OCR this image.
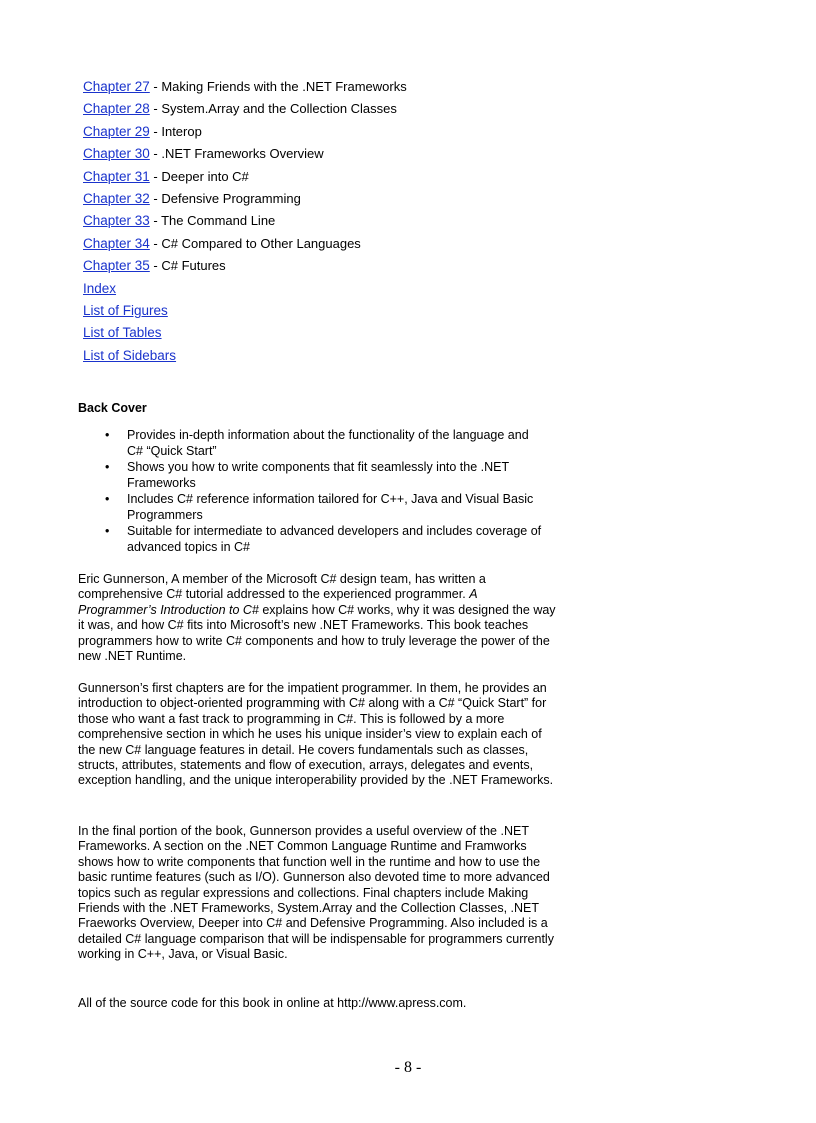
Chapter 27 - Making Friends with the .NET Frameworks
Chapter 28 - System.Array and the Collection Classes
Chapter 29 - Interop
Chapter 30 - .NET Frameworks Overview
Chapter 31 - Deeper into C#
Chapter 32 - Defensive Programming
Chapter 33 - The Command Line
Chapter 34 - C# Compared to Other Languages
Chapter 35 - C# Futures
Index
List of Figures
List of Tables
List of Sidebars
Back Cover
• Provides in-depth information about the functionality of the language and C# “Quick Start”
• Shows you how to write components that fit seamlessly into the .NET Frameworks
• Includes C# reference information tailored for C++, Java and Visual Basic Programmers
• Suitable for intermediate to advanced developers and includes coverage of advanced topics in C#

Eric Gunnerson, A member of the Microsoft C# design team, has written a comprehensive C# tutorial addressed to the experienced programmer. A Programmer’s Introduction to C# explains how C# works, why it was designed the way it was, and how C# fits into Microsoft’s new .NET Frameworks. This book teaches programmers how to write C# components and how to truly leverage the power of the new .NET Runtime.

Gunnerson’s first chapters are for the impatient programmer. In them, he provides an introduction to object-oriented programming with C# along with a C# “Quick Start” for those who want a fast track to programming in C#. This is followed by a more comprehensive section in which he uses his unique insider’s view to explain each of the new C# language features in detail. He covers fundamentals such as classes, structs, attributes, statements and flow of execution, arrays, delegates and events, exception handling, and the unique interoperability provided by the .NET Frameworks.

In the final portion of the book, Gunnerson provides a useful overview of the .NET Frameworks. A section on the .NET Common Language Runtime and Framworks shows how to write components that function well in the runtime and how to use the basic runtime features (such as I/O). Gunnerson also devoted time to more advanced topics such as regular expressions and collections. Final chapters include Making Friends with the .NET Frameworks, System.Array and the Collection Classes, .NET Fraeworks Overview, Deeper into C# and Defensive Programming. Also included is a detailed C# language comparison that will be indispensable for programmers currently working in C++, Java, or Visual Basic.

All of the source code for this book in online at http://www.apress.com.

- 8 -
